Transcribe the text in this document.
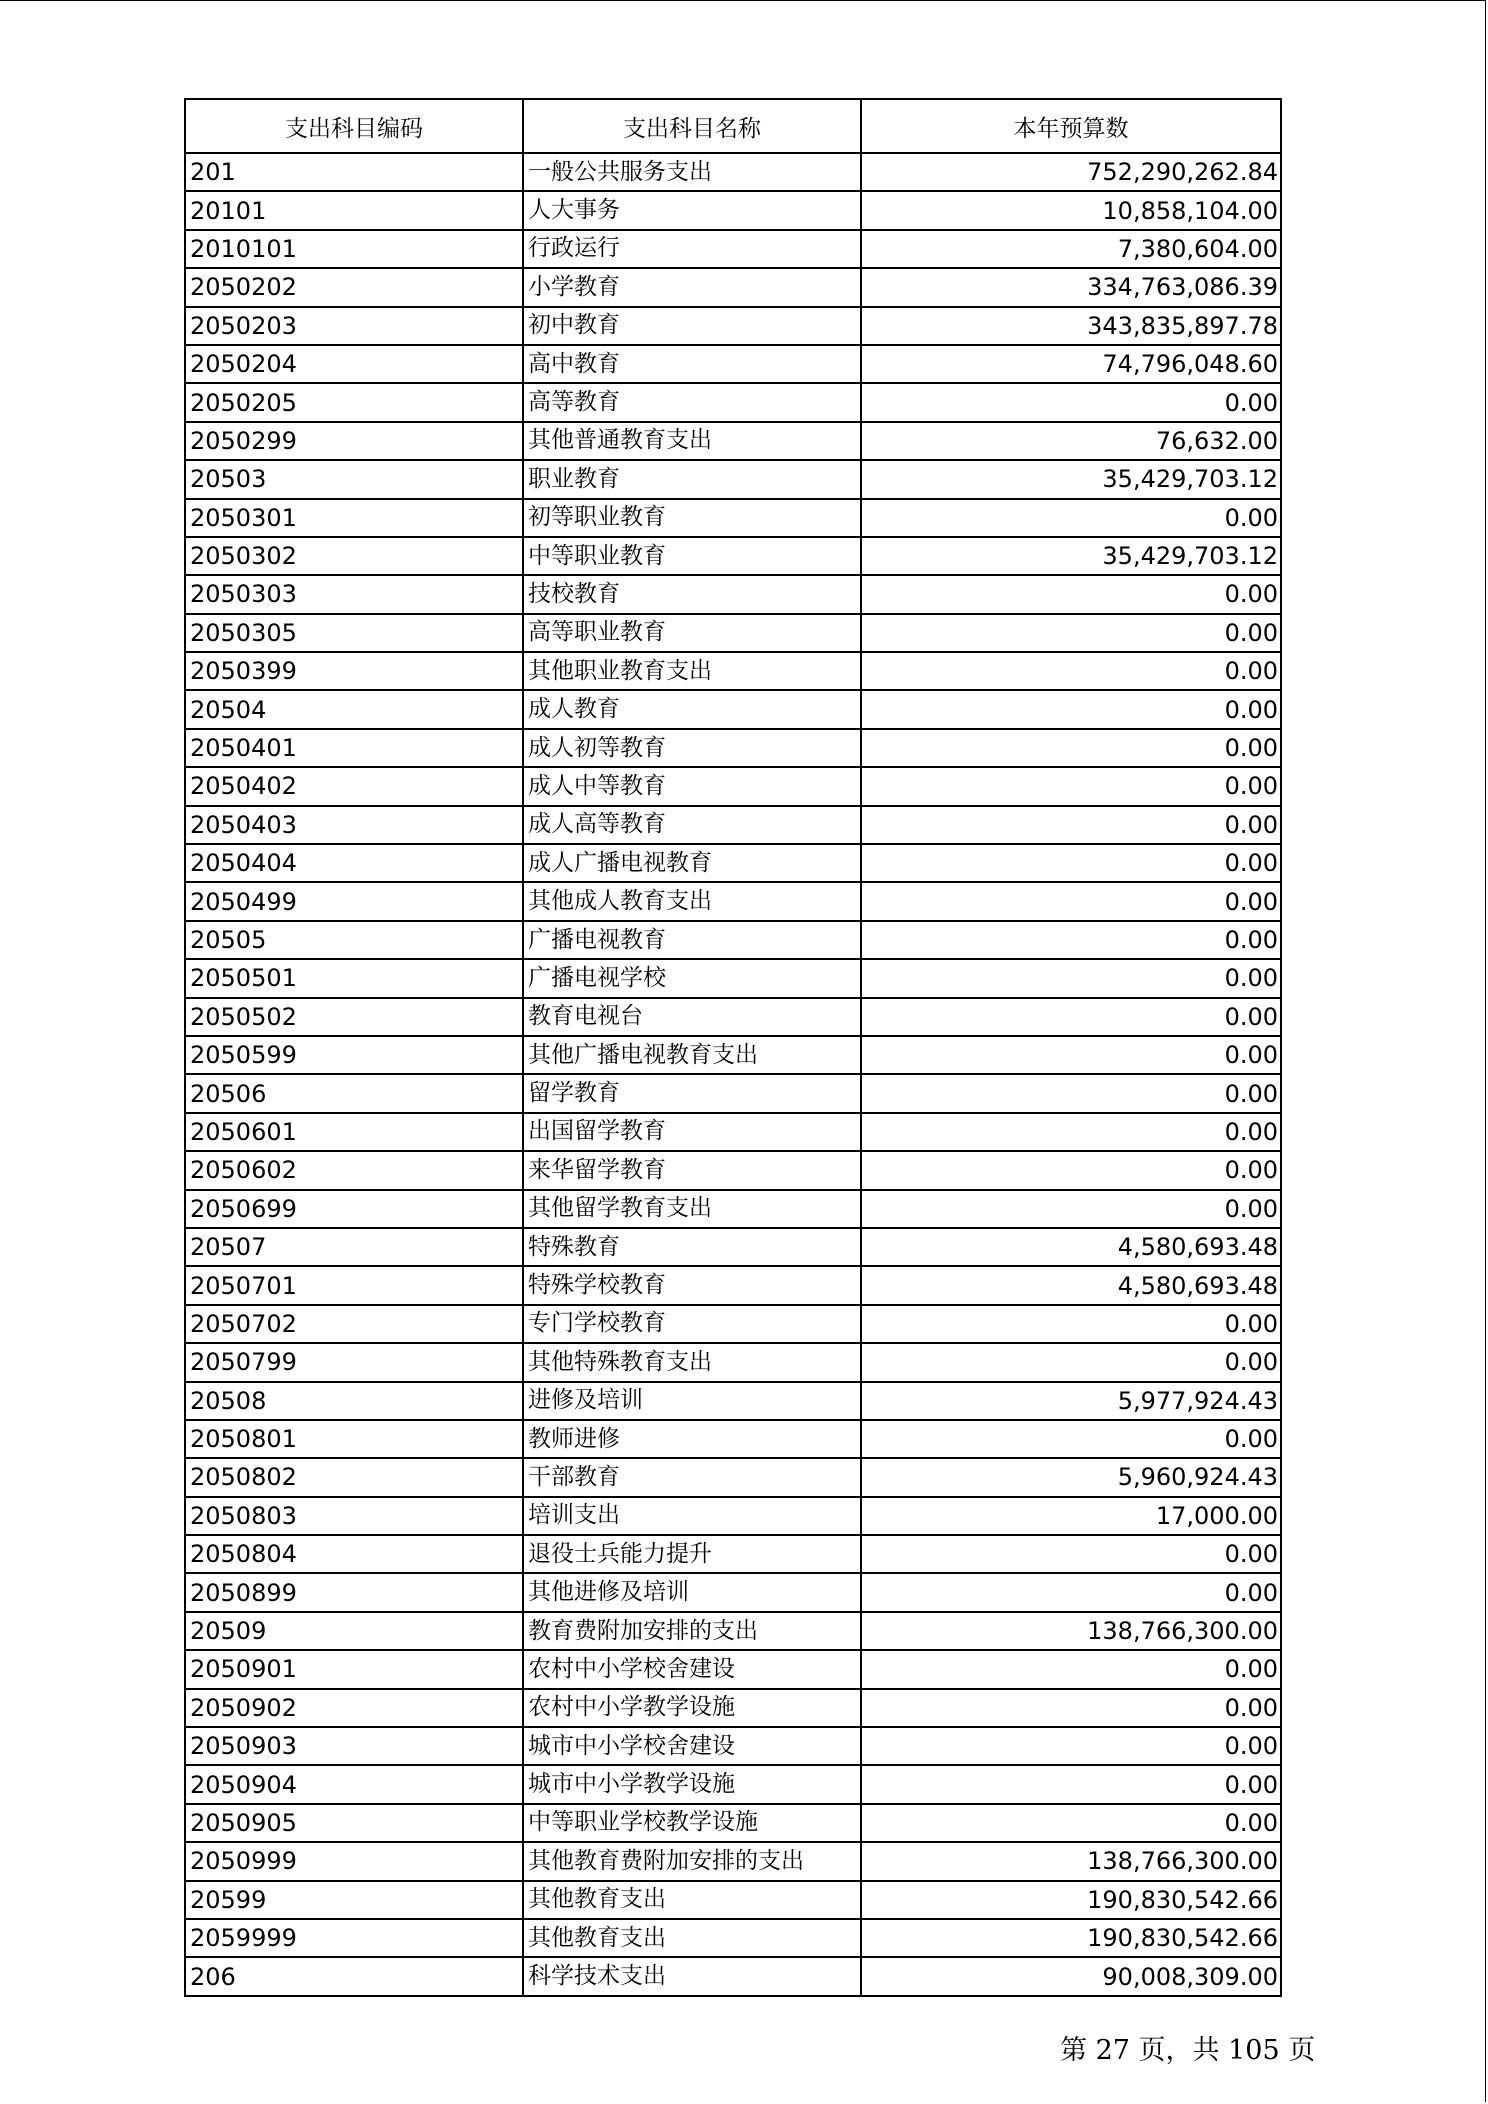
支出科目编码	支出科目名称	本年预算数
201	一般公共服务支出	752,290,262.84
20101	人大事务	10,858,104.00
2010101	行政运行	7,380,604.00
2050202	小学教育	334,763,086.39
2050203	初中教育	343,835,897.78
2050204	高中教育	74,796,048.60
2050205	高等教育	0.00
2050299	其他普通教育支出	76,632.00
20503	职业教育	35,429,703.12
2050301	初等职业教育	0.00
2050302	中等职业教育	35,429,703.12
2050303	技校教育	0.00
2050305	高等职业教育	0.00
2050399	其他职业教育支出	0.00
20504	成人教育	0.00
2050401	成人初等教育	0.00
2050402	成人中等教育	0.00
2050403	成人高等教育	0.00
2050404	成人广播电视教育	0.00
2050499	其他成人教育支出	0.00
20505	广播电视教育	0.00
2050501	广播电视学校	0.00
2050502	教育电视台	0.00
2050599	其他广播电视教育支出	0.00
20506	留学教育	0.00
2050601	出国留学教育	0.00
2050602	来华留学教育	0.00
2050699	其他留学教育支出	0.00
20507	特殊教育	4,580,693.48
2050701	特殊学校教育	4,580,693.48
2050702	专门学校教育	0.00
2050799	其他特殊教育支出	0.00
20508	进修及培训	5,977,924.43
2050801	教师进修	0.00
2050802	干部教育	5,960,924.43
2050803	培训支出	17,000.00
2050804	退役士兵能力提升	0.00
2050899	其他进修及培训	0.00
20509	教育费附加安排的支出	138,766,300.00
2050901	农村中小学校舍建设	0.00
2050902	农村中小学教学设施	0.00
2050903	城市中小学校舍建设	0.00
2050904	城市中小学教学设施	0.00
2050905	中等职业学校教学设施	0.00
2050999	其他教育费附加安排的支出	138,766,300.00
20599	其他教育支出	190,830,542.66
2059999	其他教育支出	190,830,542.66
206	科学技术支出	90,008,309.00
第 27 页，共 105 页
